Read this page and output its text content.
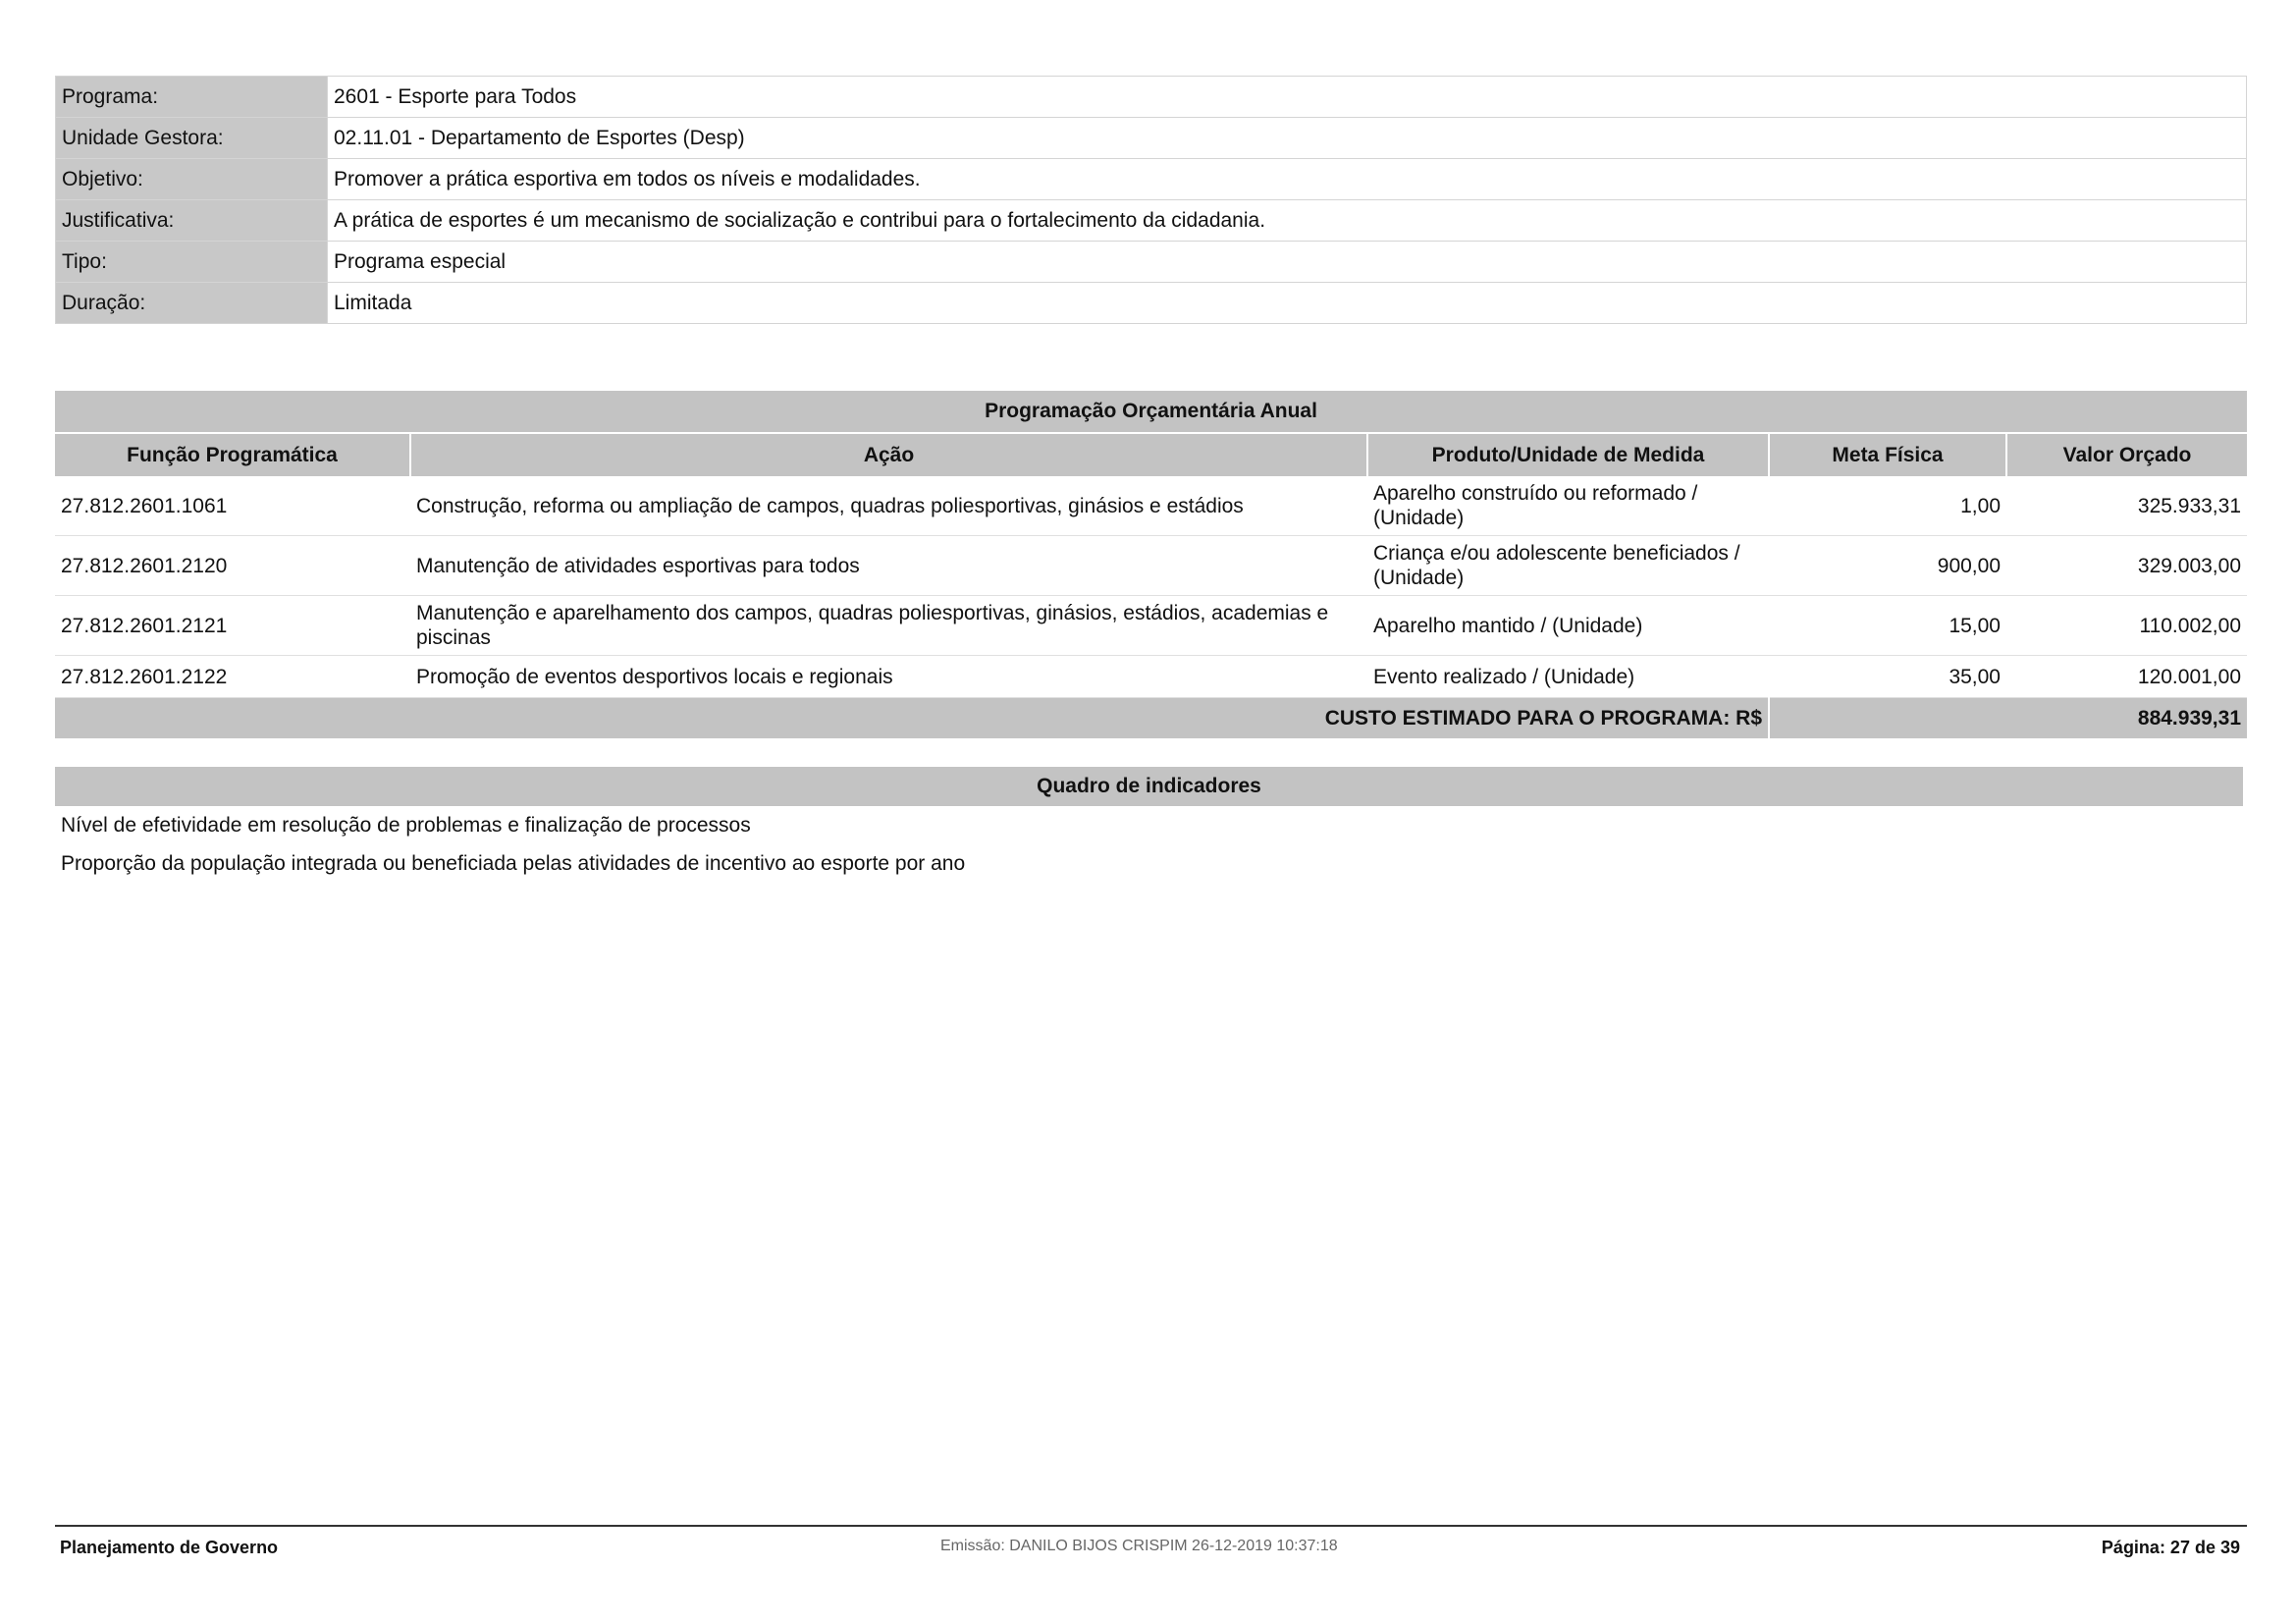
Programa:	2601 - Esporte para Todos
Unidade Gestora:	02.11.01 - Departamento de Esportes (Desp)
Objetivo:	Promover a prática esportiva em todos os níveis e modalidades.
Justificativa:	A prática de esportes é um mecanismo de socialização e contribui para o fortalecimento da cidadania.
Tipo:	Programa especial
Duração:	Limitada
Programação Orçamentária Anual				
Função Programática	Ação	Produto/Unidade de Medida	Meta Física	Valor Orçado
27.812.2601.1061	Construção, reforma ou ampliação de campos, quadras poliesportivas, ginásios e estádios	Aparelho construído ou reformado / (Unidade)	1,00	325.933,31
27.812.2601.2120	Manutenção de atividades esportivas para todos	Criança e/ou adolescente beneficiados / (Unidade)	900,00	329.003,00
27.812.2601.2121	Manutenção e aparelhamento dos campos, quadras poliesportivas, ginásios, estádios, academias e piscinas	Aparelho mantido / (Unidade)	15,00	110.002,00
27.812.2601.2122	Promoção de eventos desportivos locais e regionais	Evento realizado / (Unidade)	35,00	120.001,00
CUSTO ESTIMADO PARA O PROGRAMA: R$				884.939,31
Quadro de indicadores
Nível de efetividade em resolução de problemas e finalização de processos
Proporção da população integrada ou beneficiada pelas atividades de incentivo ao esporte por ano
Planejamento de Governo	Emissão: DANILO BIJOS CRISPIM 26-12-2019 10:37:18	Página: 27 de 39
